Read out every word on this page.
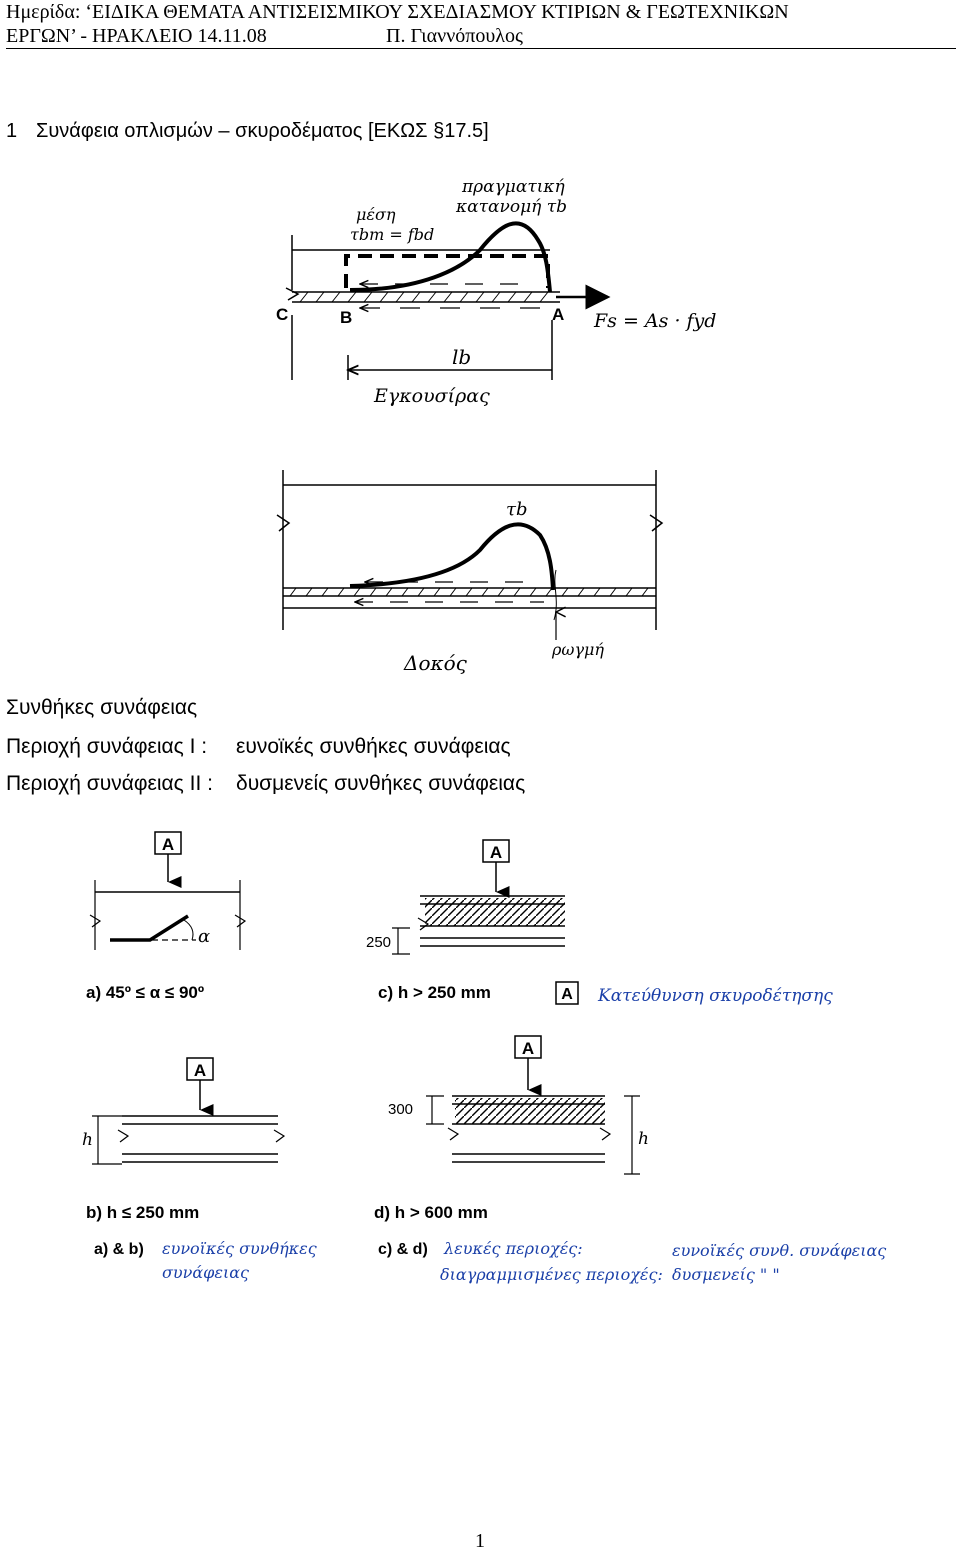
Ημερίδα: ‘ΕΙΔΙΚΑ ΘΕΜΑΤΑ ΑΝΤΙΣΕΙΣΜΙΚΟΥ ΣΧΕΔΙΑΣΜΟΥ ΚΤΙΡΙΩΝ & ΓΕΩΤΕΧΝΙΚΩΝ
ΕΡΓΩΝ’ - ΗΡΑΚΛΕΙΟ 14.11.08	Π. Γιαννόπουλος
1 Συνάφεια οπλισμών – σκυροδέματος [ΕΚΩΣ §17.5]
πραγματική
κατανομή τb
μέση
τbm = fbd
C	B	A Fs = As · fyd
lb
Εγκουσίρας
τb
ρωγμή
Δοκός
Συνθήκες συνάφειας
Περιοχή συνάφειας Ι : ευνοϊκές συνθήκες συνάφειας
Περιοχή συνάφειας ΙΙ : δυσμενείς συνθήκες συνάφειας
A
α
a) 45º ≤ α ≤ 90º
A
250
c) h > 250 mm	A Κατεύθυνση σκυροδέτησης
A
h
b) h ≤ 250 mm
A
300
h
d) h > 600 mm
a) & b) ευνοϊκές συνθήκες
συνάφειας
c) & d) λευκές περιοχές:	ευνοϊκές συνθ. συνάφειας
διαγραμμισμένες περιοχές: δυσμενείς " "
1
